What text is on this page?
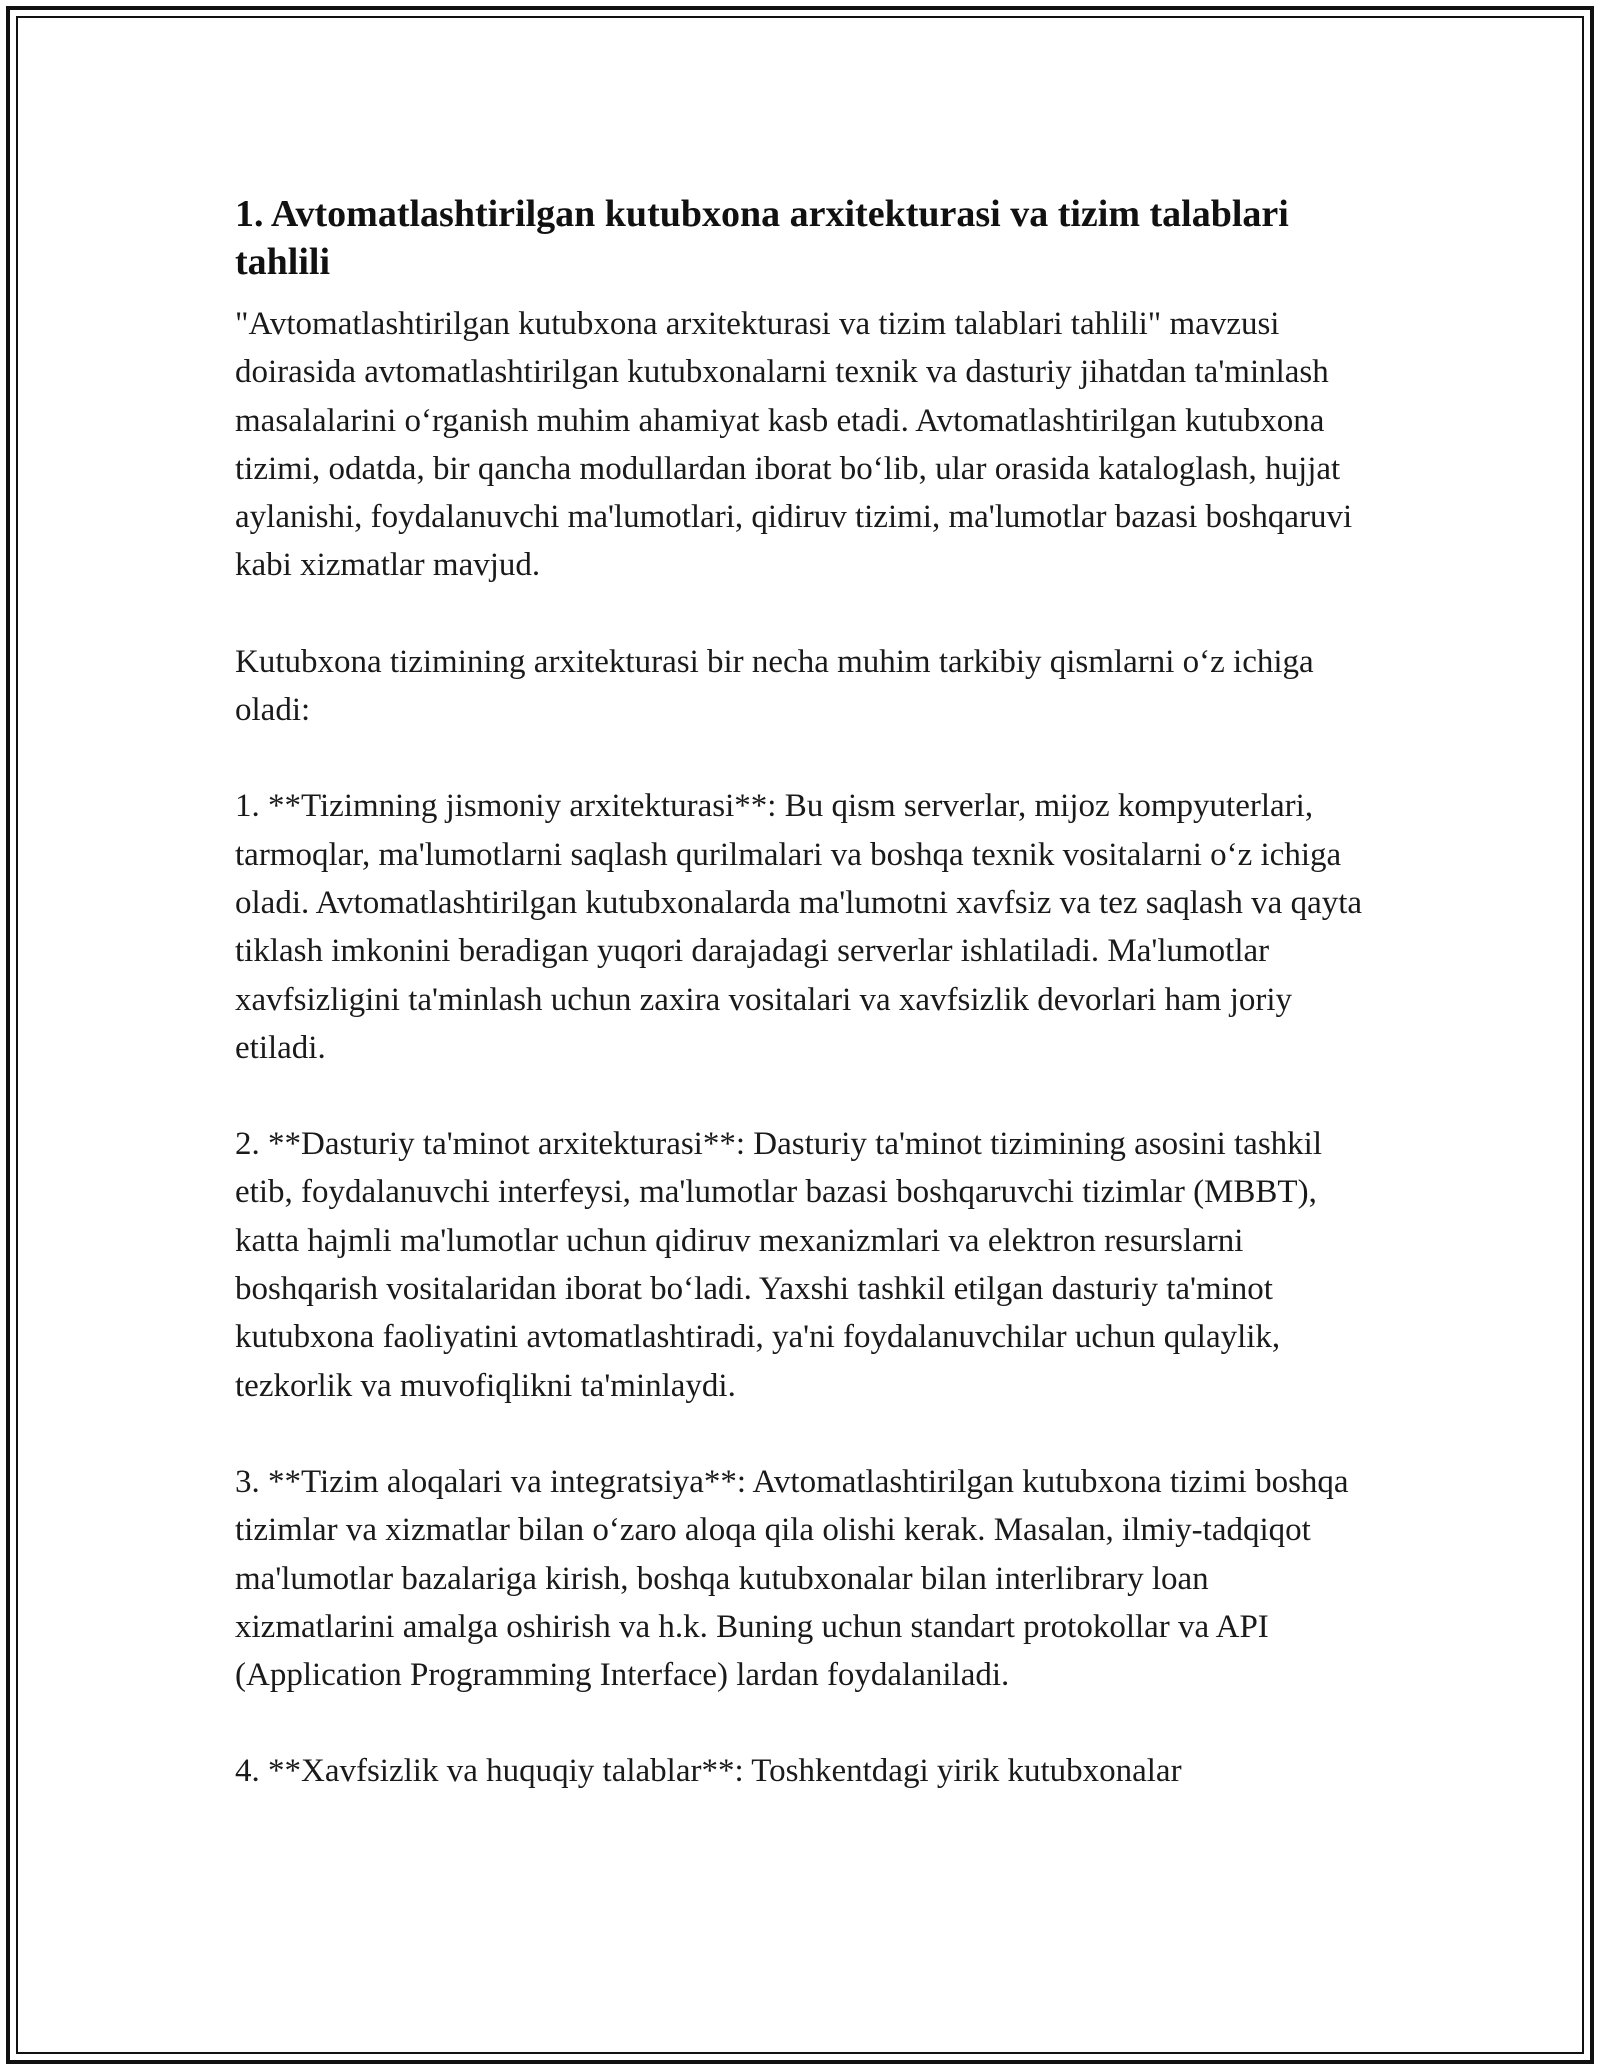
1. Avtomatlashtirilgan kutubxona arxitekturasi va tizim talablari tahlili

"Avtomatlashtirilgan kutubxona arxitekturasi va tizim talablari tahlili" mavzusi doirasida avtomatlashtirilgan kutubxonalarni texnik va dasturiy jihatdan ta'minlash masalalarini o‘rganish muhim ahamiyat kasb etadi. Avtomatlashtirilgan kutubxona tizimi, odatda, bir qancha modullardan iborat bo‘lib, ular orasida kataloglash, hujjat aylanishi, foydalanuvchi ma'lumotlari, qidiruv tizimi, ma'lumotlar bazasi boshqaruvi kabi xizmatlar mavjud.

Kutubxona tizimining arxitekturasi bir necha muhim tarkibiy qismlarni o‘z ichiga oladi:

1. **Tizimning jismoniy arxitekturasi**: Bu qism serverlar, mijoz kompyuterlari, tarmoqlar, ma'lumotlarni saqlash qurilmalari va boshqa texnik vositalarni o‘z ichiga oladi. Avtomatlashtirilgan kutubxonalarda ma'lumotni xavfsiz va tez saqlash va qayta tiklash imkonini beradigan yuqori darajadagi serverlar ishlatiladi. Ma'lumotlar xavfsizligini ta'minlash uchun zaxira vositalari va xavfsizlik devorlari ham joriy etiladi.

2. **Dasturiy ta'minot arxitekturasi**: Dasturiy ta'minot tizimining asosini tashkil etib, foydalanuvchi interfeysi, ma'lumotlar bazasi boshqaruvchi tizimlar (MBBT), katta hajmli ma'lumotlar uchun qidiruv mexanizmlari va elektron resurslarni boshqarish vositalaridan iborat bo‘ladi. Yaxshi tashkil etilgan dasturiy ta'minot kutubxona faoliyatini avtomatlashtiradi, ya'ni foydalanuvchilar uchun qulaylik, tezkorlik va muvofiqlikni ta'minlaydi.

3. **Tizim aloqalari va integratsiya**: Avtomatlashtirilgan kutubxona tizimi boshqa tizimlar va xizmatlar bilan o‘zaro aloqa qila olishi kerak. Masalan, ilmiy-tadqiqot ma'lumotlar bazalariga kirish, boshqa kutubxonalar bilan interlibrary loan xizmatlarini amalga oshirish va h.k. Buning uchun standart protokollar va API (Application Programming Interface) lardan foydalaniladi.

4. **Xavfsizlik va huquqiy talablar**: Toshkentdagi yirik kutubxonalar
